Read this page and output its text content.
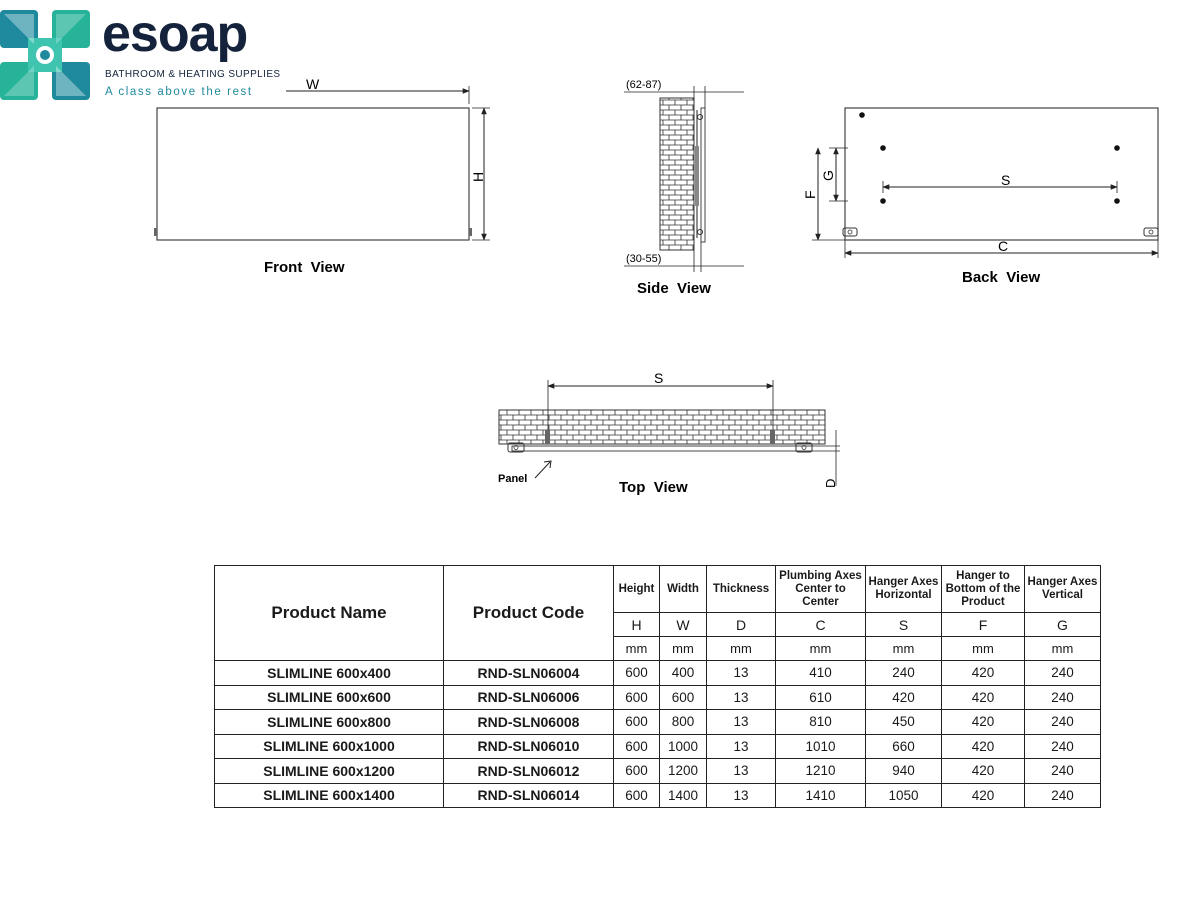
esoap
BATHROOM & HEATING SUPPLIES
A class above the rest	W
H
Front  View
(62-87)
(30-55)
Side  View
S
G
F
C
Back  View
S
D
Panel	Top  View
Product Name	Product Code	Height	Width	Thickness	Plumbing Axes Center to Center	Hanger Axes Horizontal	Hanger to Bottom of the Product	Hanger Axes Vertical
		H	W	D	C	S	F	G
		mm	mm	mm	mm	mm	mm	mm
SLIMLINE 600x400	RND-SLN06004	600	400	13	410	240	420	240
SLIMLINE 600x600	RND-SLN06006	600	600	13	610	420	420	240
SLIMLINE 600x800	RND-SLN06008	600	800	13	810	450	420	240
SLIMLINE 600x1000	RND-SLN06010	600	1000	13	1010	660	420	240
SLIMLINE 600x1200	RND-SLN06012	600	1200	13	1210	940	420	240
SLIMLINE 600x1400	RND-SLN06014	600	1400	13	1410	1050	420	240
